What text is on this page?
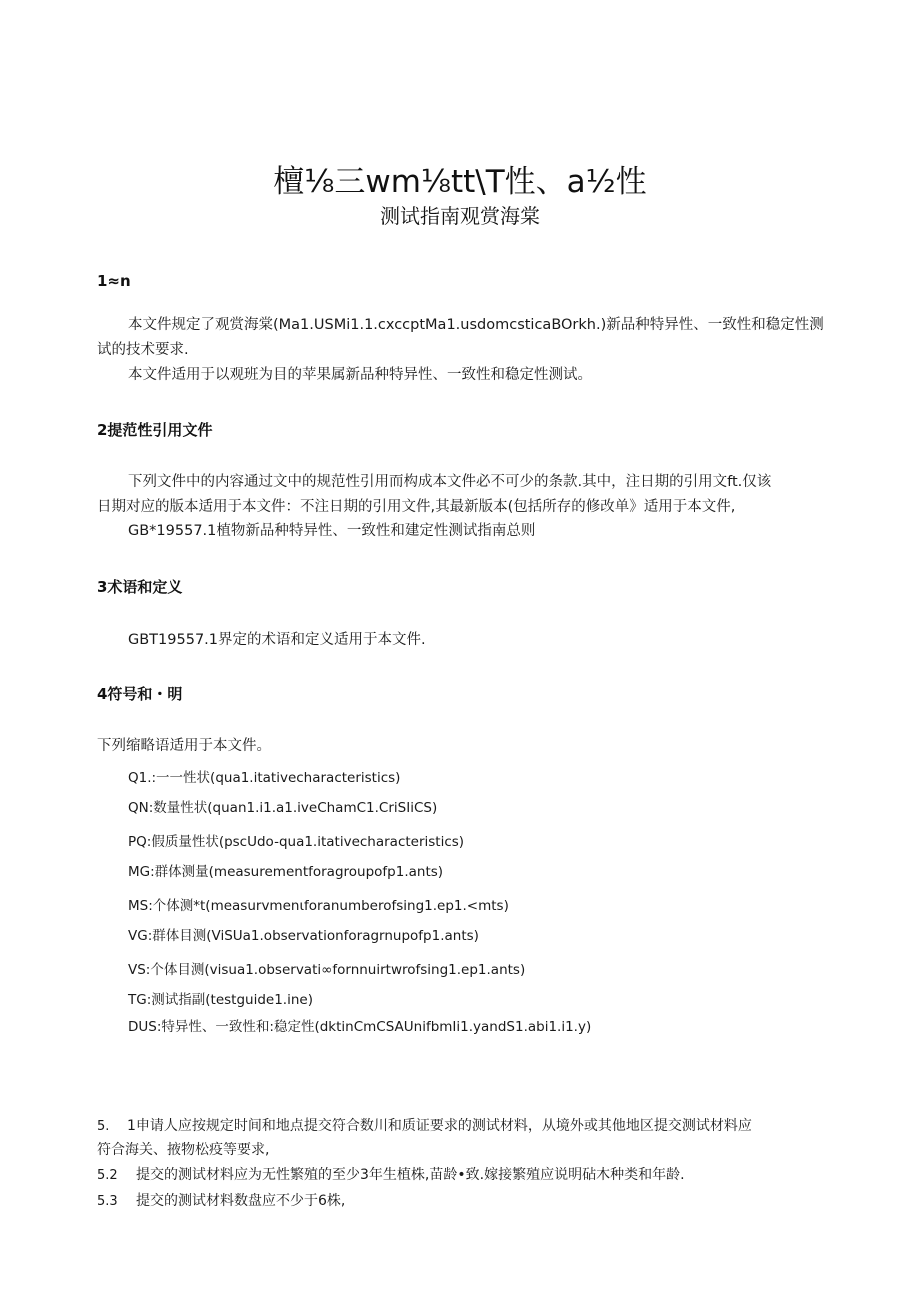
檀⅛三wm⅛tt\T性、a½性
测试指南观赏海棠
1≈n
本文件规定了观赏海棠(Ma1.USMi1.1.cxccptMa1.usdomcsticaBOrkh.)新品种特异性、一致性和稳定性测
试的技术要求.
本文件适用于以观班为目的苹果属新品种特异性、一致性和稳定性测试。
2提范性引用文件
下列文件中的内容通过文中的规范性引用而构成本文件必不可少的条款.其中，注日期的引用文ft.仅该
日期对应的版本适用于本文件：不注日期的引用文件,其最新版本(包括所存的修改单》适用于本文件,
GB*19557.1植物新品种特异性、一致性和建定性测试指南总则
3术语和定义
GBT19557.1界定的术语和定义适用于本文件.
4符号和・明
下列缩略语适用于本文件。
Q1.:一一性状(qua1.itativecharacteristics)
QN:数量性状(quan1.i1.a1.iveChamC1.CriSIiCS)
PQ:假质量性状(pscUdo-qua1.itativecharacteristics)
MG:群体测量(measurementforagroupofp1.ants)
MS:个体测*t(measurvmenιforanumberofsing1.ep1.<mts)
VG:群体目测(ViSUa1.observationforagrnupofp1.ants)
VS:个体目测(visua1.observati∞fornnuirtwrofsing1.ep1.ants)
TG:测试指副(testguide1.ine)
DUS:特异性、一致性和:稳定性(dktinCmCSAUnifbmIi1.yandS1.abi1.i1.y)
5. 1申请人应按规定时间和地点提交符合数川和质证要求的测试材料，从境外或其他地区提交测试材料应
符合海关、掖物松疫等要求,
5.2 提交的测试材料应为无性繁殖的至少3年生植株,苗龄•致.嫁接繁殖应说明砧木种类和年龄.
5.3 提交的测试材料数盘应不少于6株,
